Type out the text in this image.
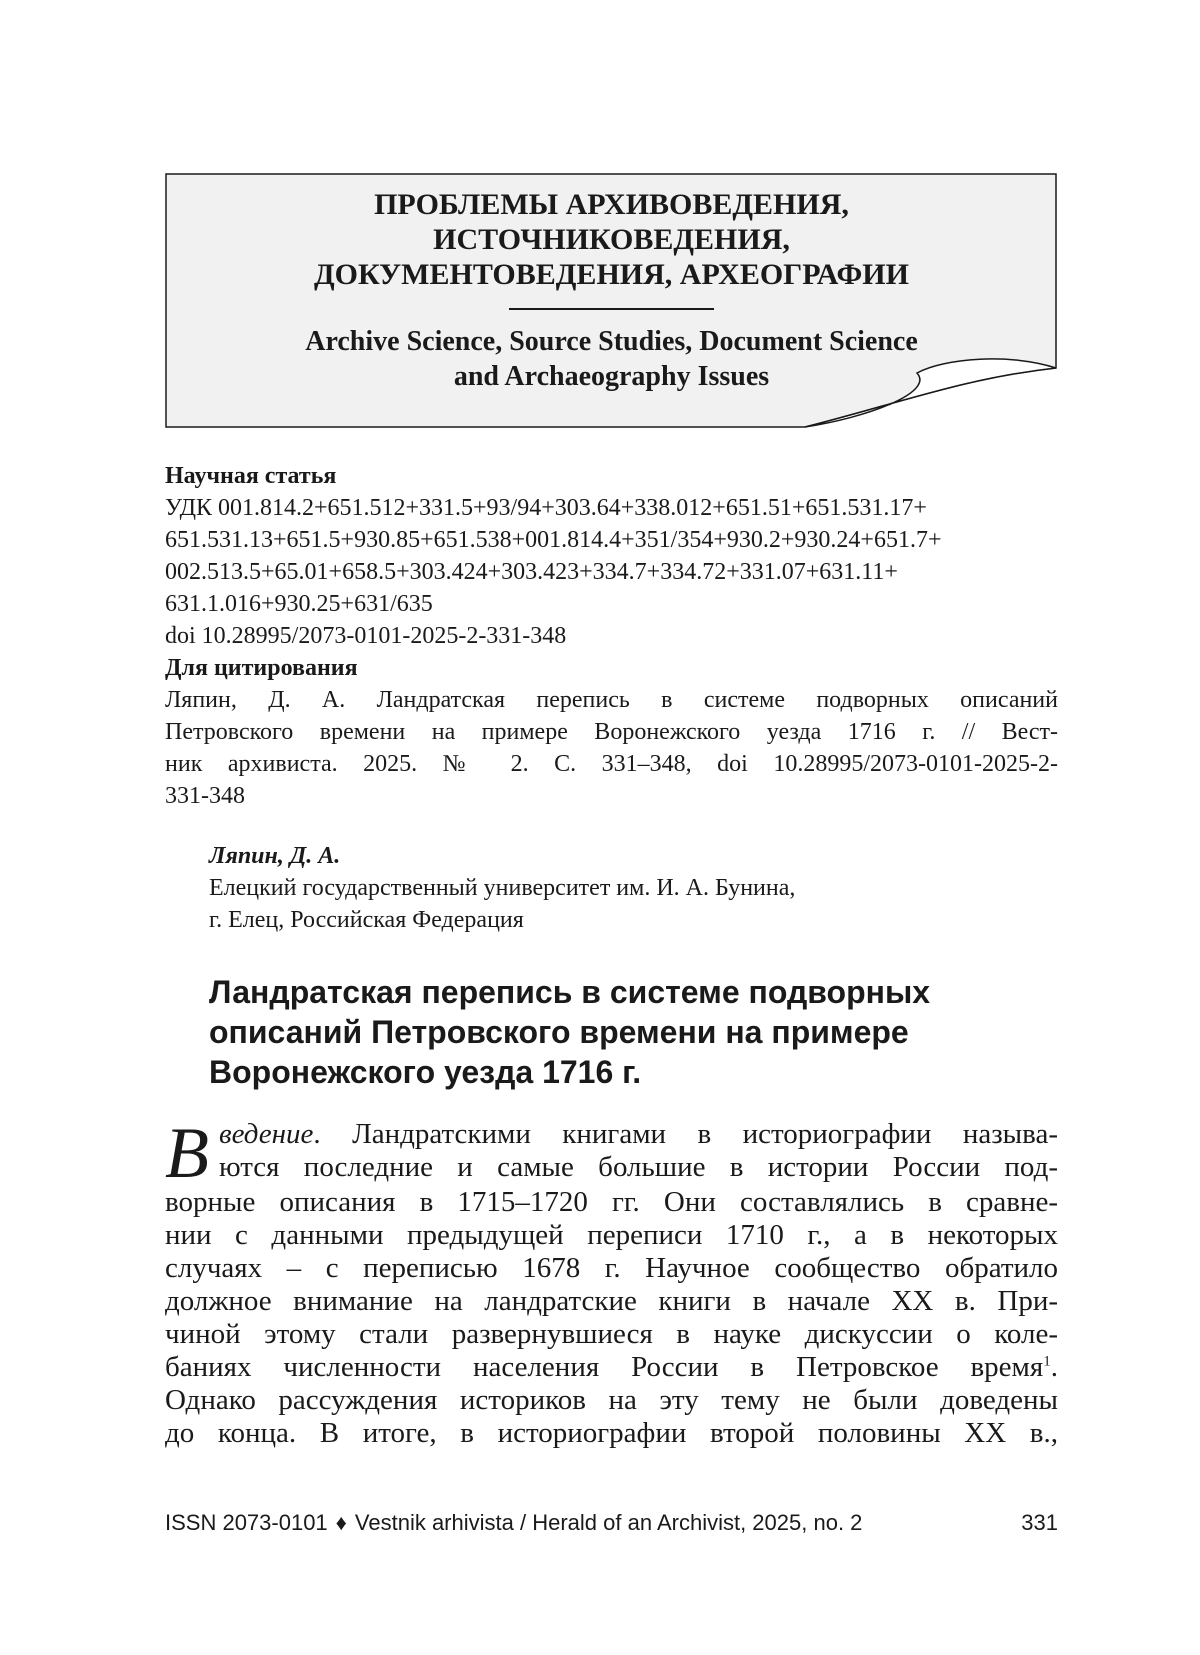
ПРОБЛЕМЫ АРХИВОВЕДЕНИЯ,
ИСТОЧНИКОВЕДЕНИЯ,
ДОКУМЕНТОВЕДЕНИЯ, АРХЕОГРАФИИ
Archive Science, Source Studies, Document Science
and Archaeography Issues
Научная статья
УДК 001.814.2+651.512+331.5+93/94+303.64+338.012+651.51+651.531.17+
651.531.13+651.5+930.85+651.538+001.814.4+351/354+930.2+930.24+651.7+
002.513.5+65.01+658.5+303.424+303.423+334.7+334.72+331.07+631.11+
631.1.016+930.25+631/635
doi 10.28995/2073-0101-2025-2-331-348
Для цитирования
Ляпин, Д. А. Ландратская перепись в системе подворных описаний
Петровского времени на примере Воронежского уезда 1716 г. // Вест-
ник архивиста. 2025. № 2. С. 331–348, doi 10.28995/2073-0101-2025-2-
331-348
Ляпин, Д. А.
Елецкий государственный университет им. И. А. Бунина,
г. Елец, Российская Федерация
Ландратская перепись в системе подворных
описаний Петровского времени на примере
Воронежского уезда 1716 г.
В ведение. Ландратскими книгами в историографии называ-
ются последние и самые большие в истории России под-
ворные описания в 1715–1720 гг. Они составлялись в сравне-
нии с данными предыдущей переписи 1710 г., а в некоторых
случаях – с переписью 1678 г. Научное сообщество обратило
должное внимание на ландратские книги в начале XX в. При-
чиной этому стали развернувшиеся в науке дискуссии о коле-
баниях численности населения России в Петровское время$^1$.
Однако рассуждения историков на эту тему не были доведены
до конца. В итоге, в историографии второй половины XX в.,
ISSN 2073-0101 ♦ Vestnik arhivista / Herald of an Archivist, 2025, no. 2	331
